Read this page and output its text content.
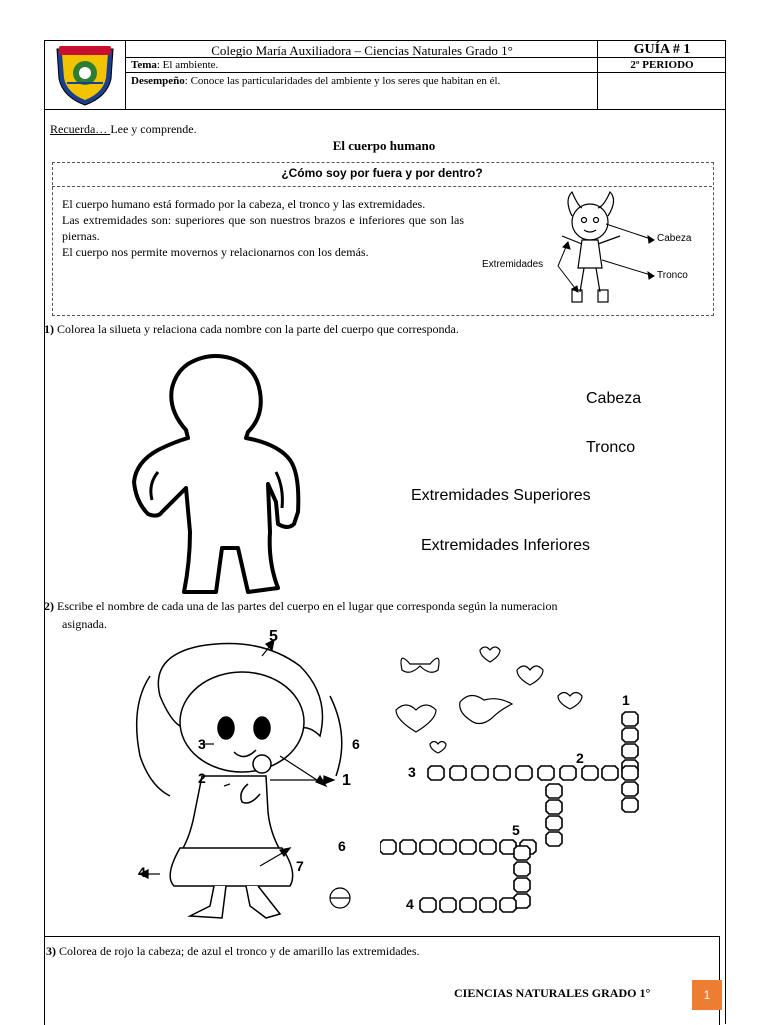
Colegio María Auxiliadora – Ciencias Naturales Grado 1°	GUÍA # 1
2º PERIODO
Tema: El ambiente.
Desempeño: Conoce las particularidades del ambiente y los seres que habitan en él.
Recuerda… Lee y comprende.
El cuerpo humano
¿Cómo soy por fuera y por dentro?

El cuerpo humano está formado por la cabeza, el tronco y las extremidades.

Las extremidades son: superiores que son nuestros brazos e inferiores que son las piernas.

El cuerpo nos permite movernos y relacionarnos con los demás.

Cabeza
Extremidades
Tronco
1) Colorea la silueta y relaciona cada nombre con la parte del cuerpo que corresponda.
Cabeza
Tronco
Extremidades Superiores
Extremidades Inferiores
2) Escribe el nombre de cada una de las partes del cuerpo en el lugar que corresponda según la numeracion
asignada.
5
6
3
2	1
4	7
1
2
3
5
6
4
3) Colorea de rojo la cabeza; de azul el tronco y de amarillo las extremidades.
CIENCIAS NATURALES GRADO 1°	1
